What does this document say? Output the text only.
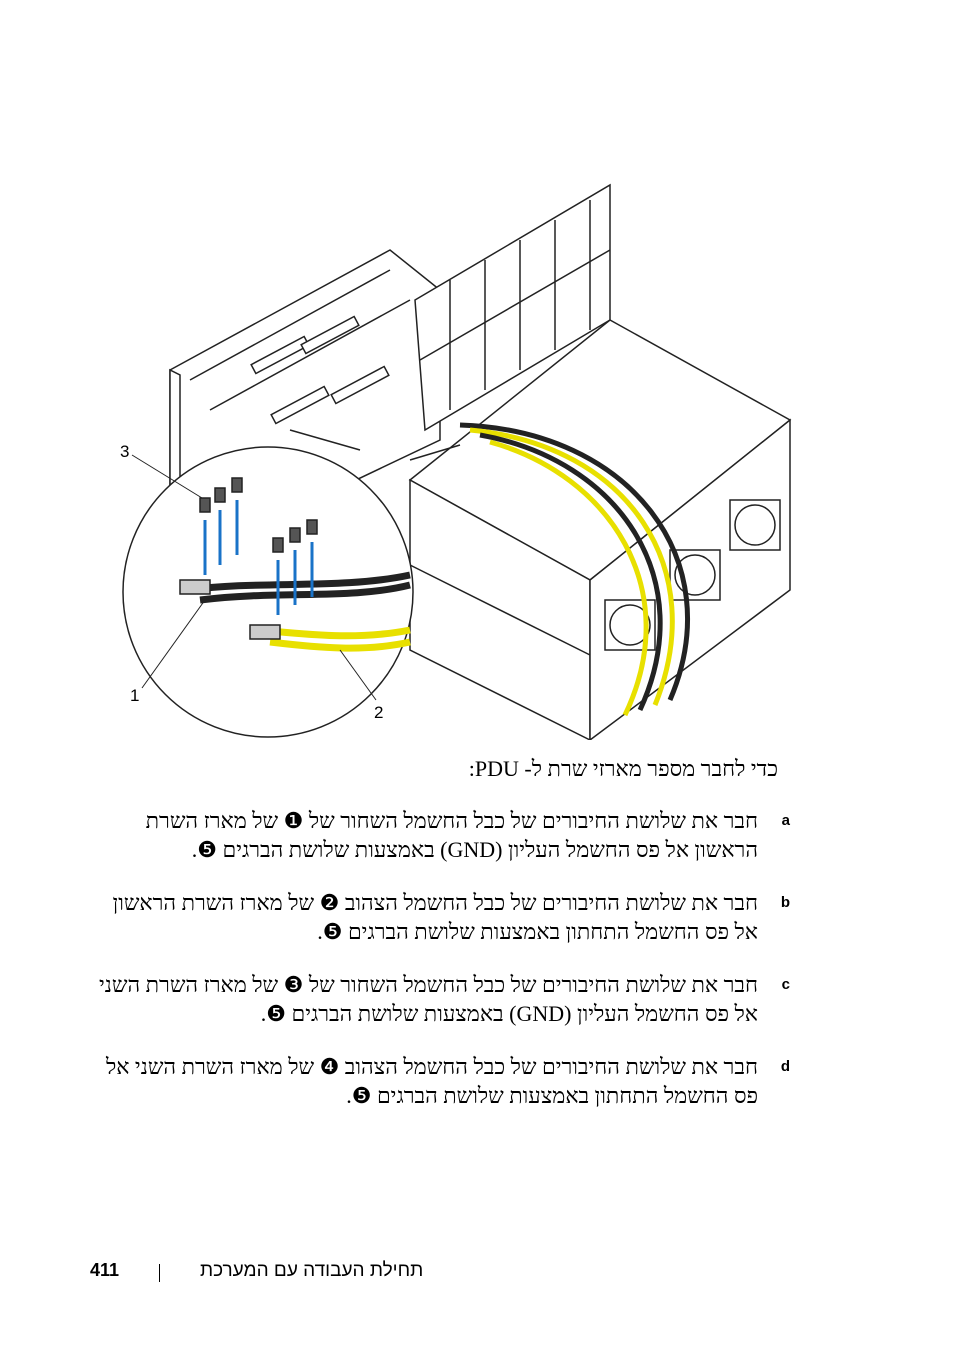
3
1
2
כדי לחבר מספר מארזי שרת ל- PDU:
חבר את שלושת החיבורים של כבל החשמל השחור של ❶ של מארז השרת הראשון אל פס החשמל העליון (GND) באמצעות שלושת הברגים ❺.
a
חבר את שלושת החיבורים של כבל החשמל הצהוב ❷ של מארז השרת הראשון אל פס החשמל התחתון באמצעות שלושת הברגים ❺.
b
חבר את שלושת החיבורים של כבל החשמל השחור של ❸ של מארז השרת השני אל פס החשמל העליון (GND) באמצעות שלושת הברגים ❺.
c
חבר את שלושת החיבורים של כבל החשמל הצהוב ❹ של מארז השרת השני אל פס החשמל התחתון באמצעות שלושת הברגים ❺.
d
411	תחילת העבודה עם המערכת
